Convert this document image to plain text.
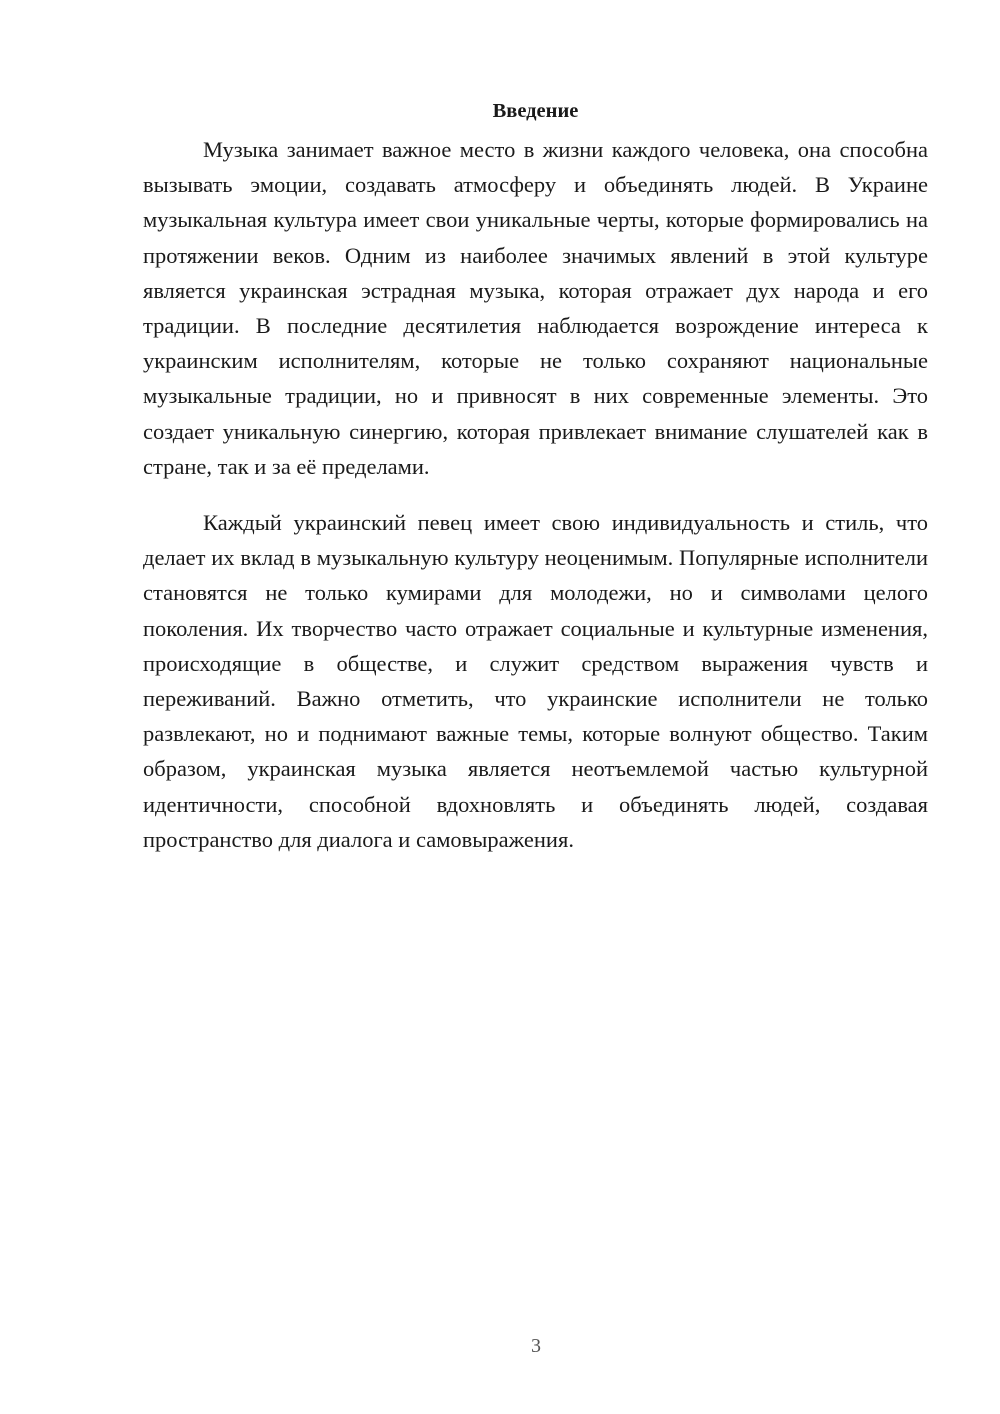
Введение

Музыка занимает важное место в жизни каждого человека, она способна вызывать эмоции, создавать атмосферу и объединять людей. В Украине музыкальная культура имеет свои уникальные черты, которые формировались на протяжении веков. Одним из наиболее значимых явлений в этой культуре является украинская эстрадная музыка, которая отражает дух народа и его традиции. В последние десятилетия наблюдается возрождение интереса к украинским исполнителям, которые не только сохраняют национальные музыкальные традиции, но и привносят в них современные элементы. Это создает уникальную синергию, которая привлекает внимание слушателей как в стране, так и за её пределами.

Каждый украинский певец имеет свою индивидуальность и стиль, что делает их вклад в музыкальную культуру неоценимым. Популярные исполнители становятся не только кумирами для молодежи, но и символами целого поколения. Их творчество часто отражает социальные и культурные изменения, происходящие в обществе, и служит средством выражения чувств и переживаний. Важно отметить, что украинские исполнители не только развлекают, но и поднимают важные темы, которые волнуют общество. Таким образом, украинская музыка является неотъемлемой частью культурной идентичности, способной вдохновлять и объединять людей, создавая пространство для диалога и самовыражения.

3
